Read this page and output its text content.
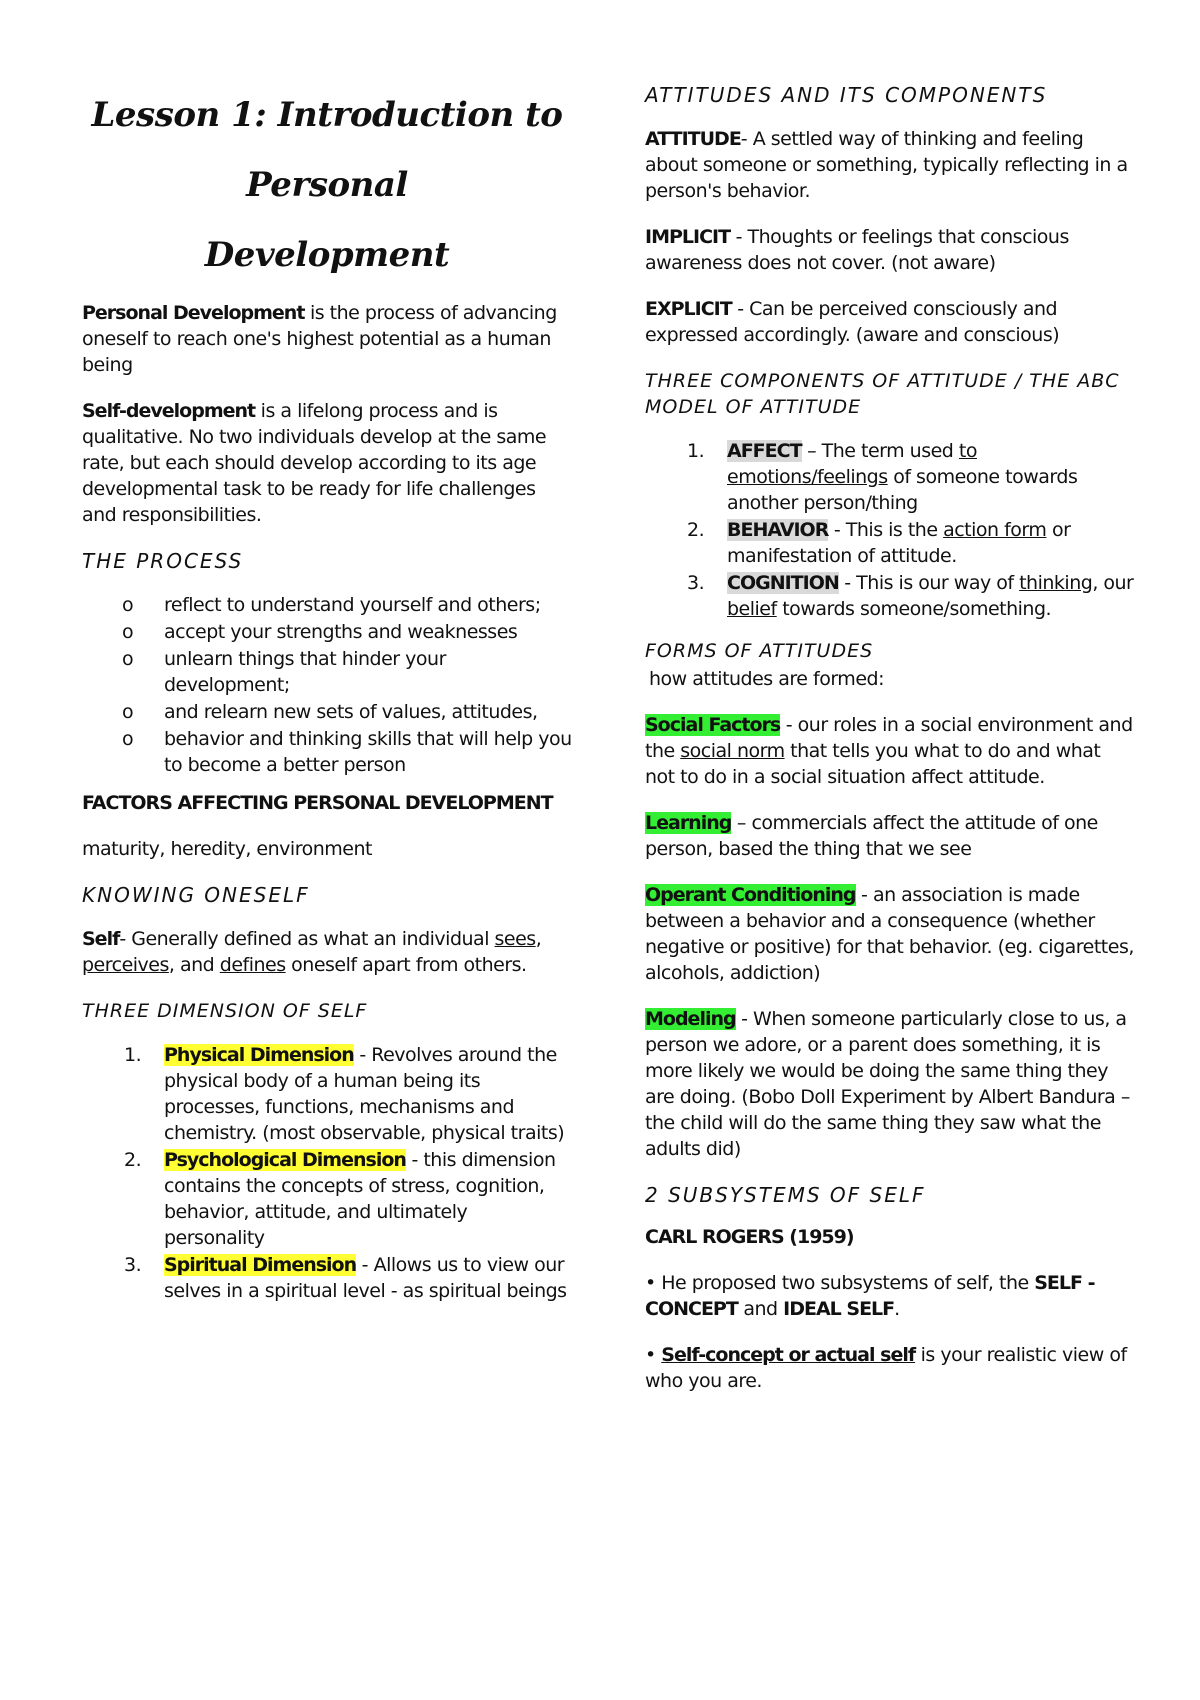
Lesson 1: Introduction to Personal
Development

Personal Development is the process of advancing oneself to reach one's highest potential as a human being

Self-development is a lifelong process and is qualitative. No two individuals develop at the same rate, but each should develop according to its age developmental task to be ready for life challenges and responsibilities.

THE PROCESS
o reflect to understand yourself and others;
o accept your strengths and weaknesses
o unlearn things that hinder your development;
o and relearn new sets of values, attitudes,
o behavior and thinking skills that will help you to become a better person
FACTORS AFFECTING PERSONAL DEVELOPMENT

maturity, heredity, environment

KNOWING ONESELF

Self- Generally defined as what an individual sees, perceives, and defines oneself apart from others.

THREE DIMENSION OF SELF
1. Physical Dimension - Revolves around the physical body of a human being its processes, functions, mechanisms and chemistry. (most observable, physical traits)
2. Psychological Dimension - this dimension contains the concepts of stress, cognition, behavior, attitude, and ultimately personality
3. Spiritual Dimension - Allows us to view our selves in a spiritual level - as spiritual beings
ATTITUDES AND ITS COMPONENTS

ATTITUDE- A settled way of thinking and feeling about someone or something, typically reflecting in a person's behavior.

IMPLICIT - Thoughts or feelings that conscious awareness does not cover. (not aware)

EXPLICIT - Can be perceived consciously and expressed accordingly. (aware and conscious)

THREE COMPONENTS OF ATTITUDE / THE ABC MODEL OF ATTITUDE
1. AFFECT – The term used to emotions/feelings of someone towards another person/thing
2. BEHAVIOR - This is the action form or manifestation of attitude.
3. COGNITION - This is our way of thinking, our belief towards someone/something.
FORMS OF ATTITUDES

how attitudes are formed:

Social Factors - our roles in a social environment and the social norm that tells you what to do and what not to do in a social situation affect attitude.

Learning – commercials affect the attitude of one person, based the thing that we see

Operant Conditioning - an association is made between a behavior and a consequence (whether negative or positive) for that behavior. (eg. cigarettes, alcohols, addiction)

Modeling - When someone particularly close to us, a person we adore, or a parent does something, it is more likely we would be doing the same thing they are doing. (Bobo Doll Experiment by Albert Bandura – the child will do the same thing they saw what the adults did)

2 SUBSYSTEMS OF SELF
CARL ROGERS (1959)

• He proposed two subsystems of self, the SELF - CONCEPT and IDEAL SELF.

• Self-concept or actual self is your realistic view of who you are.
